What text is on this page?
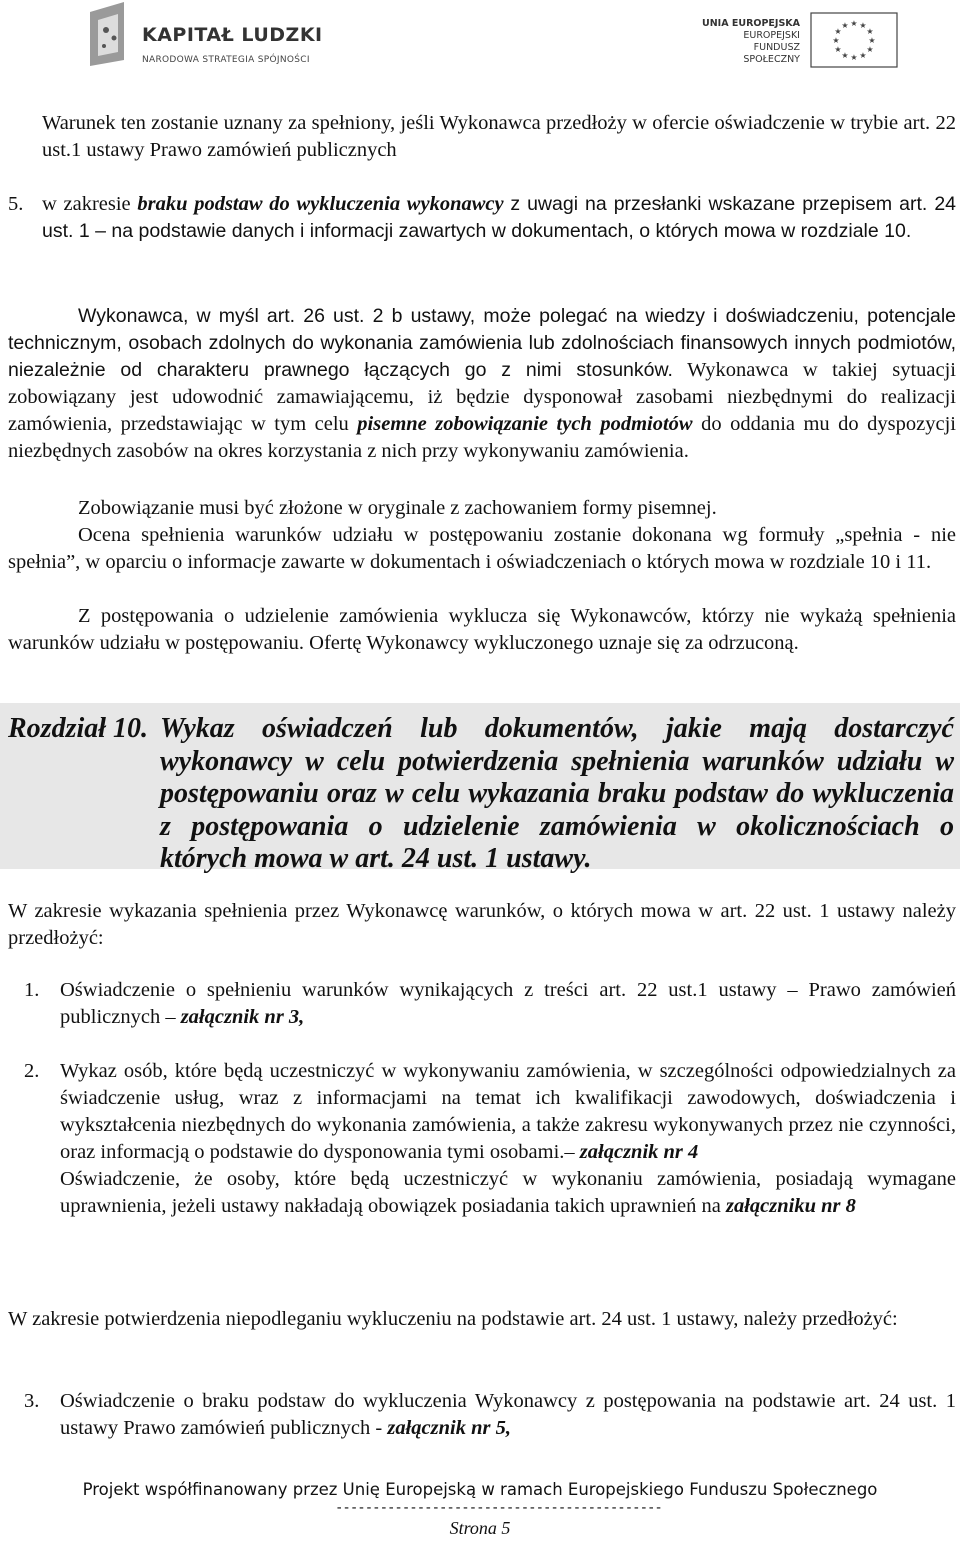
KAPITAŁ LUDZKI
NARODOWA STRATEGIA SPÓJNOŚCI
UNIA EUROPEJSKA
EUROPEJSKI
FUNDUSZ SPOŁECZNY
★ ★
★
★
★
★
★
★
★
★
★
★

Warunek ten zostanie uznany za spełniony, jeśli Wykonawca przedłoży w ofercie oświadczenie w trybie art. 22 ust.1 ustawy Prawo zamówień publicznych

5. w zakresie braku podstaw do wykluczenia wykonawcy z uwagi na przesłanki wskazane przepisem art. 24 ust. 1 – na podstawie danych i informacji zawartych w dokumentach, o których mowa w rozdziale 10.

Wykonawca, w myśl art. 26 ust. 2 b ustawy, może polegać na wiedzy i doświadczeniu, potencjale technicznym, osobach zdolnych do wykonania zamówienia lub zdolnościach finansowych innych podmiotów, niezależnie od charakteru prawnego łączących go z nimi stosunków. Wykonawca w takiej sytuacji zobowiązany jest udowodnić zamawiającemu, iż będzie dysponował zasobami niezbędnymi do realizacji zamówienia, przedstawiając w tym celu pisemne zobowiązanie tych podmiotów do oddania mu do dyspozycji niezbędnych zasobów na okres korzystania z nich przy wykonywaniu zamówienia.

Zobowiązanie musi być złożone w oryginale z zachowaniem formy pisemnej.

Ocena spełnienia warunków udziału w postępowaniu zostanie dokonana wg formuły „spełnia - nie spełnia”, w oparciu o informacje zawarte w dokumentach i oświadczeniach o których mowa w rozdziale 10 i 11.

Z postępowania o udzielenie zamówienia wyklucza się Wykonawców, którzy nie wykażą spełnienia warunków udziału w postępowaniu. Ofertę Wykonawcy wykluczonego uznaje się za odrzuconą.

Rozdział 10. Wykaz oświadczeń lub dokumentów, jakie mają dostarczyć wykonawcy w celu potwierdzenia spełnienia warunków udziału w postępowaniu oraz w celu wykazania braku podstaw do wykluczenia z postępowania o udzielenie zamówienia w okolicznościach o których mowa w art. 24 ust. 1 ustawy.

W zakresie wykazania spełnienia przez Wykonawcę warunków, o których mowa w art. 22 ust. 1 ustawy należy przedłożyć:

1. Oświadczenie o spełnieniu warunków wynikających z treści art. 22 ust.1 ustawy – Prawo zamówień publicznych – załącznik nr 3,

2. Wykaz osób, które będą uczestniczyć w wykonywaniu zamówienia, w szczególności odpowiedzialnych za świadczenie usług, wraz z informacjami na temat ich kwalifikacji zawodowych, doświadczenia i wykształcenia niezbędnych do wykonania zamówienia, a także zakresu wykonywanych przez nie czynności, oraz informacją o podstawie do dysponowania tymi osobami.– załącznik nr 4
Oświadczenie, że osoby, które będą uczestniczyć w wykonaniu zamówienia, posiadają wymagane uprawnienia, jeżeli ustawy nakładają obowiązek posiadania takich uprawnień na załączniku nr 8

W zakresie potwierdzenia niepodleganiu wykluczeniu na podstawie art. 24 ust. 1 ustawy, należy przedłożyć:

3. Oświadczenie o braku podstaw do wykluczenia Wykonawcy z postępowania na podstawie art. 24 ust. 1 ustawy Prawo zamówień publicznych - załącznik nr 5,

Projekt współfinanowany przez Unię Europejską w ramach Europejskiego Funduszu Społecznego
--------------------------------------------
Strona 5
